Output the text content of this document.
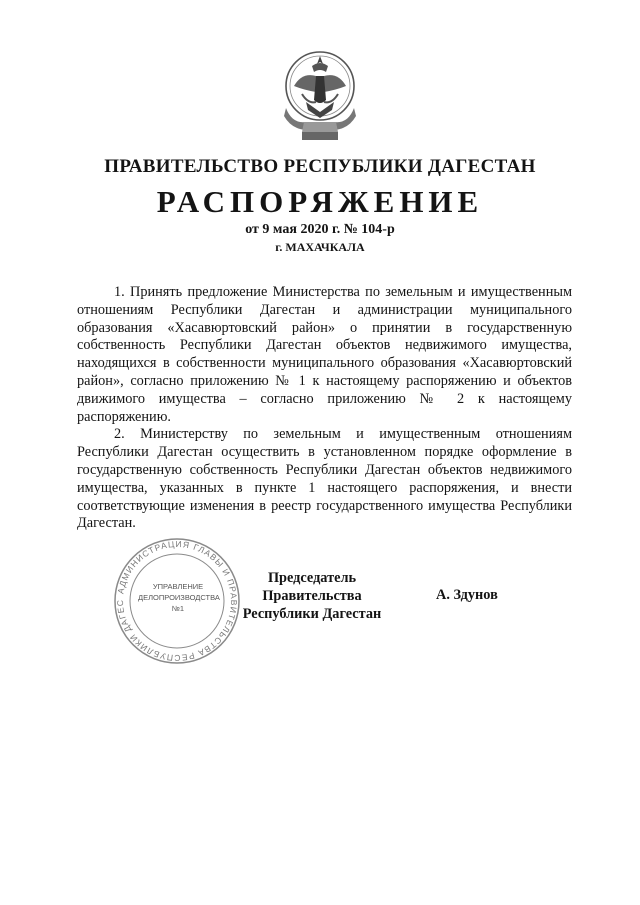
ПРАВИТЕЛЬСТВО РЕСПУБЛИКИ ДАГЕСТАН
РАСПОРЯЖЕНИЕ
от 9 мая 2020 г. № 104-р
г. МАХАЧКАЛА

1. Принять предложение Министерства по земельным и имущественным отношениям Республики Дагестан и администрации муниципального образования «Хасавюртовский район» о принятии в государственную собственность Республики Дагестан объектов недвижимого имущества, находящихся в собственности муниципального образования «Хасавюртовский район», согласно приложению № 1 к настоящему распоряжению и объектов движимого имущества – согласно приложению № 2 к настоящему распоряжению.

2. Министерству по земельным и имущественным отношениям Республики Дагестан осуществить в установленном порядке оформление в государственную собственность Республики Дагестан объектов недвижимого имущества, указанных в пункте 1 настоящего распоряжения, и внести соответствующие изменения в реестр государственного имущества Республики Дагестан.

АДМИНИСТРАЦИЯ ГЛАВЫ И ПРАВИТЕЛЬСТВА РЕСПУБЛИКИ ДАГЕС
УПРАВЛЕНИЕ
ДЕЛОПРОИЗВОДСТВА
№1
Председатель Правительства
Республики Дагестан
А. Здунов
